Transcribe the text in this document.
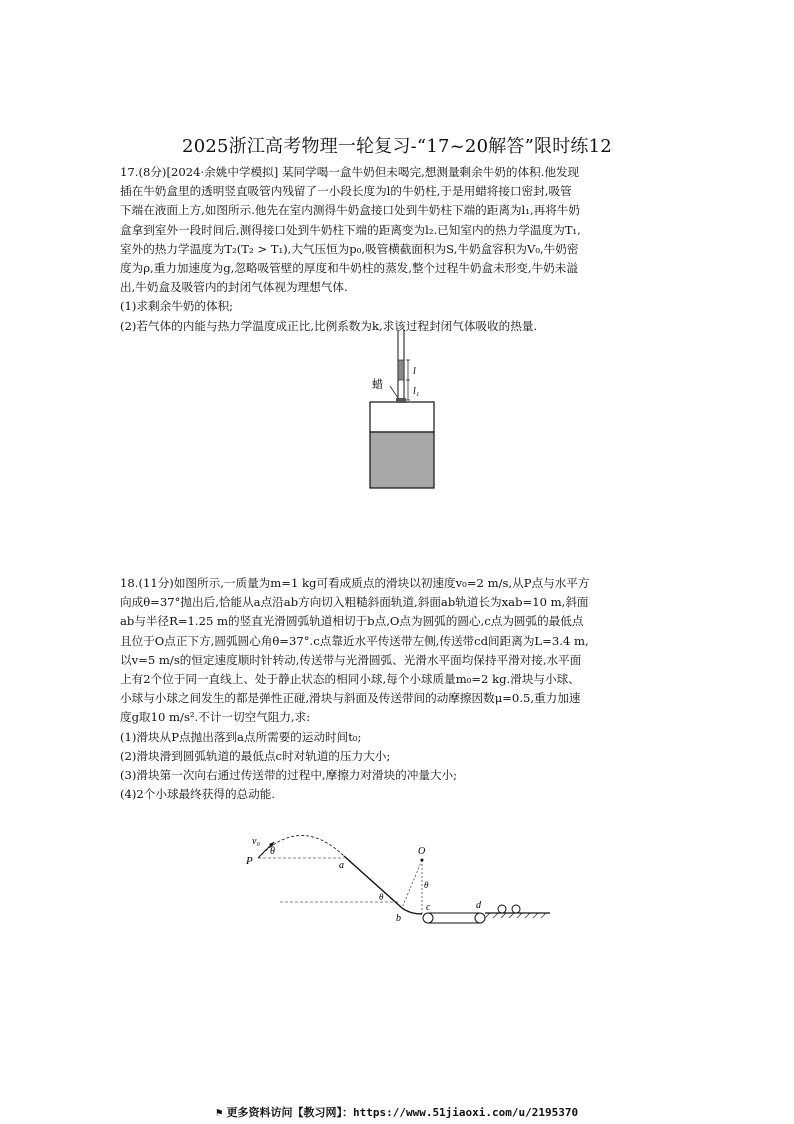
2025浙江高考物理一轮复习-“17~20解答”限时练12
17.(8分)[2024·余姚中学模拟] 某同学喝一盒牛奶但未喝完,想测量剩余牛奶的体积.他发现
插在牛奶盒里的透明竖直吸管内残留了一小段长度为l的牛奶柱,于是用蜡将接口密封,吸管
下端在液面上方,如图所示.他先在室内测得牛奶盒接口处到牛奶柱下端的距离为l₁,再将牛奶
盒拿到室外一段时间后,测得接口处到牛奶柱下端的距离变为l₂.已知室内的热力学温度为T₁,
室外的热力学温度为T₂(T₂ > T₁),大气压恒为p₀,吸管横截面积为S,牛奶盒容积为V₀,牛奶密
度为ρ,重力加速度为g,忽略吸管壁的厚度和牛奶柱的蒸发,整个过程牛奶盒未形变,牛奶未溢
出,牛奶盒及吸管内的封闭气体视为理想气体.
(1)求剩余牛奶的体积;
(2)若气体的内能与热力学温度成正比,比例系数为k,求该过程封闭气体吸收的热量.
蜡
l
l₁
18.(11分)如图所示,一质量为m=1 kg可看成质点的滑块以初速度v₀=2 m/s,从P点与水平方
向成θ=37°抛出后,恰能从a点沿ab方向切入粗糙斜面轨道,斜面ab轨道长为xab=10 m,斜面
ab与半径R=1.25 m的竖直光滑圆弧轨道相切于b点,O点为圆弧的圆心,c点为圆弧的最低点
且位于O点正下方,圆弧圆心角θ=37°.c点靠近水平传送带左侧,传送带cd间距离为L=3.4 m,
以v=5 m/s的恒定速度顺时针转动,传送带与光滑圆弧、光滑水平面均保持平滑对接,水平面
上有2个位于同一直线上、处于静止状态的相同小球,每个小球质量m₀=2 kg.滑块与小球、
小球与小球之间发生的都是弹性正碰,滑块与斜面及传送带间的动摩擦因数μ=0.5,重力加速
度g取10 m/s².不计一切空气阻力,求:
(1)滑块从P点抛出落到a点所需要的运动时间t₀;
(2)滑块滑到圆弧轨道的最低点c时对轨道的压力大小;
(3)滑块第一次向右通过传送带的过程中,摩擦力对滑块的冲量大小;
(4)2个小球最终获得的总动能.
v₀
θ
P	a
O
θ
θ
b
c	d
⚑ 更多资料访问【教习网】：https://www.51jiaoxi.com/u/2195370
